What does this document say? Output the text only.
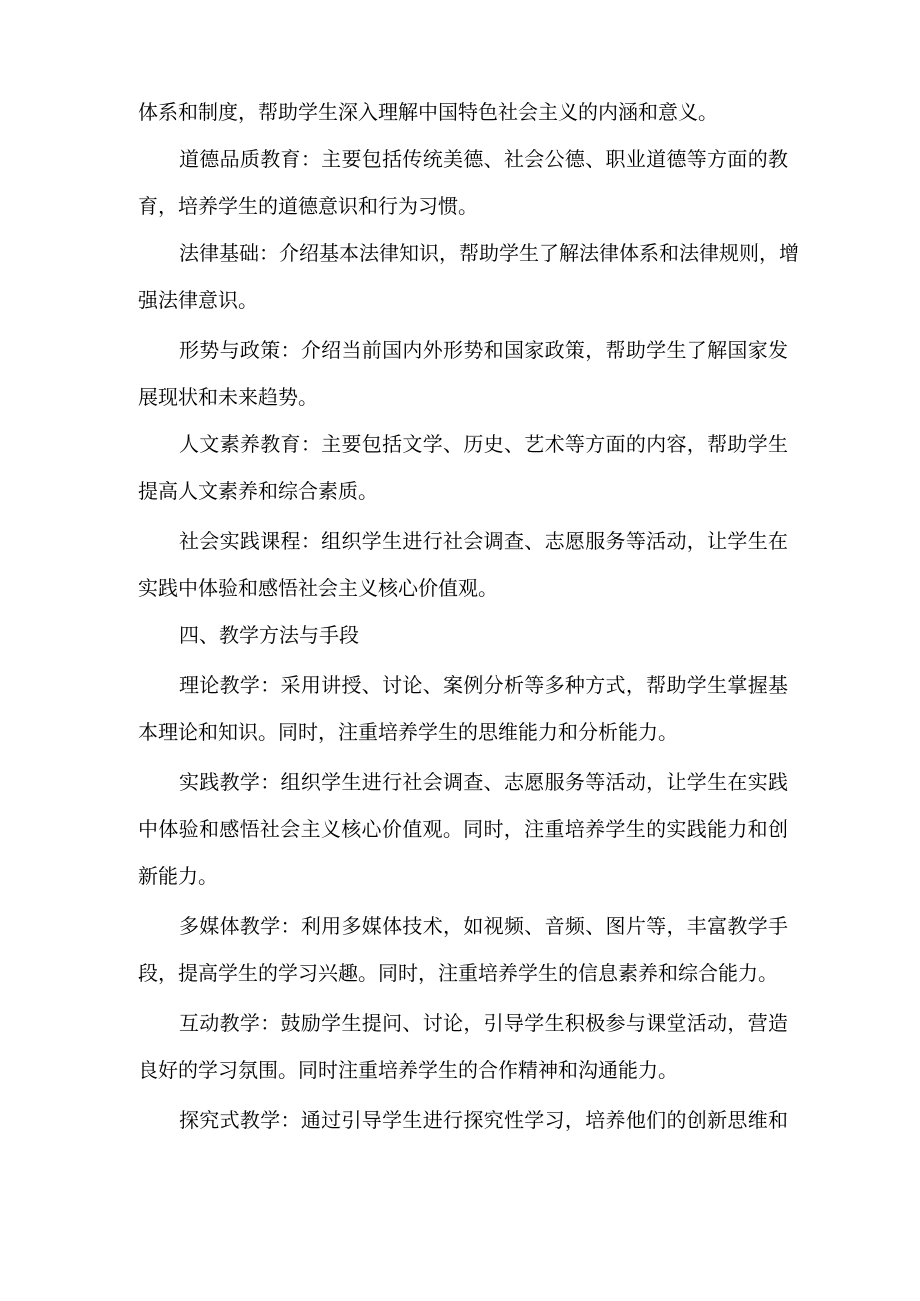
体系和制度，帮助学生深入理解中国特色社会主义的内涵和意义。
道德品质教育：主要包括传统美德、社会公德、职业道德等方面的教
育，培养学生的道德意识和行为习惯。
法律基础：介绍基本法律知识，帮助学生了解法律体系和法律规则，增
强法律意识。
形势与政策：介绍当前国内外形势和国家政策，帮助学生了解国家发
展现状和未来趋势。
人文素养教育：主要包括文学、历史、艺术等方面的内容，帮助学生
提高人文素养和综合素质。
社会实践课程：组织学生进行社会调查、志愿服务等活动，让学生在
实践中体验和感悟社会主义核心价值观。
四、教学方法与手段
理论教学：采用讲授、讨论、案例分析等多种方式，帮助学生掌握基
本理论和知识。同时，注重培养学生的思维能力和分析能力。
实践教学：组织学生进行社会调查、志愿服务等活动，让学生在实践
中体验和感悟社会主义核心价值观。同时，注重培养学生的实践能力和创
新能力。
多媒体教学：利用多媒体技术，如视频、音频、图片等，丰富教学手
段，提高学生的学习兴趣。同时，注重培养学生的信息素养和综合能力。
互动教学：鼓励学生提问、讨论，引导学生积极参与课堂活动，营造
良好的学习氛围。同时注重培养学生的合作精神和沟通能力。
探究式教学：通过引导学生进行探究性学习，培养他们的创新思维和
